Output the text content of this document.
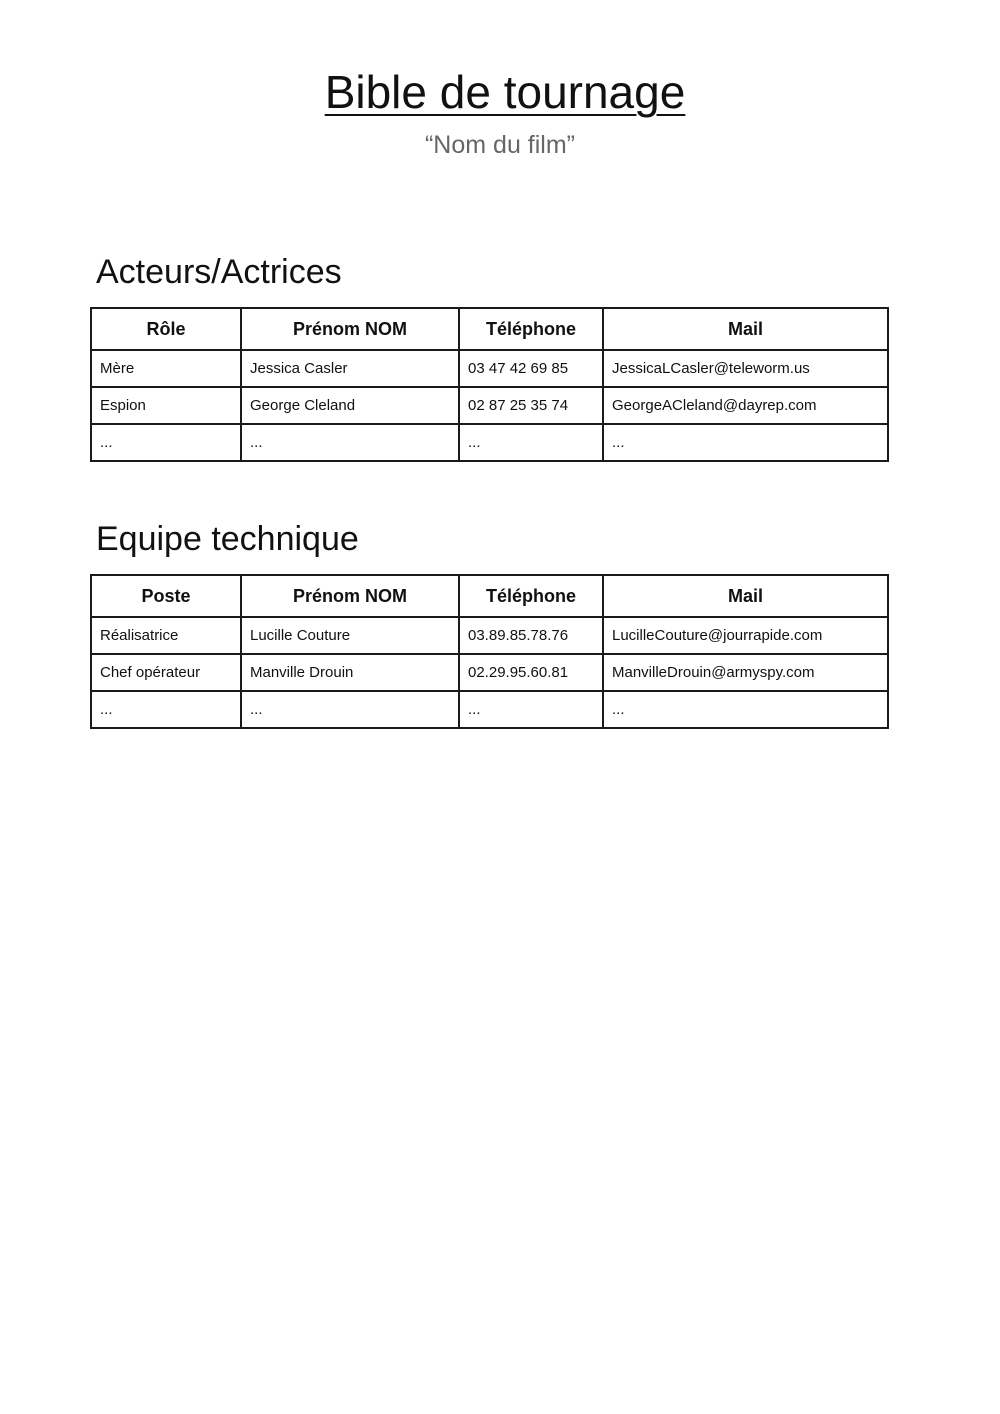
Bible de tournage

“Nom du film”

Acteurs/Actrices
Rôle	Prénom NOM	Téléphone	Mail
Mère	Jessica Casler	03 47 42 69 85	JessicaLCasler@teleworm.us
Espion	George Cleland	02 87 25 35 74	GeorgeACleland@dayrep.com
...	...	...	...
Equipe technique
Poste	Prénom NOM	Téléphone	Mail
Réalisatrice	Lucille Couture	03.89.85.78.76	LucilleCouture@jourrapide.com
Chef opérateur	Manville Drouin	02.29.95.60.81	ManvilleDrouin@armyspy.com
...	...	...	...
